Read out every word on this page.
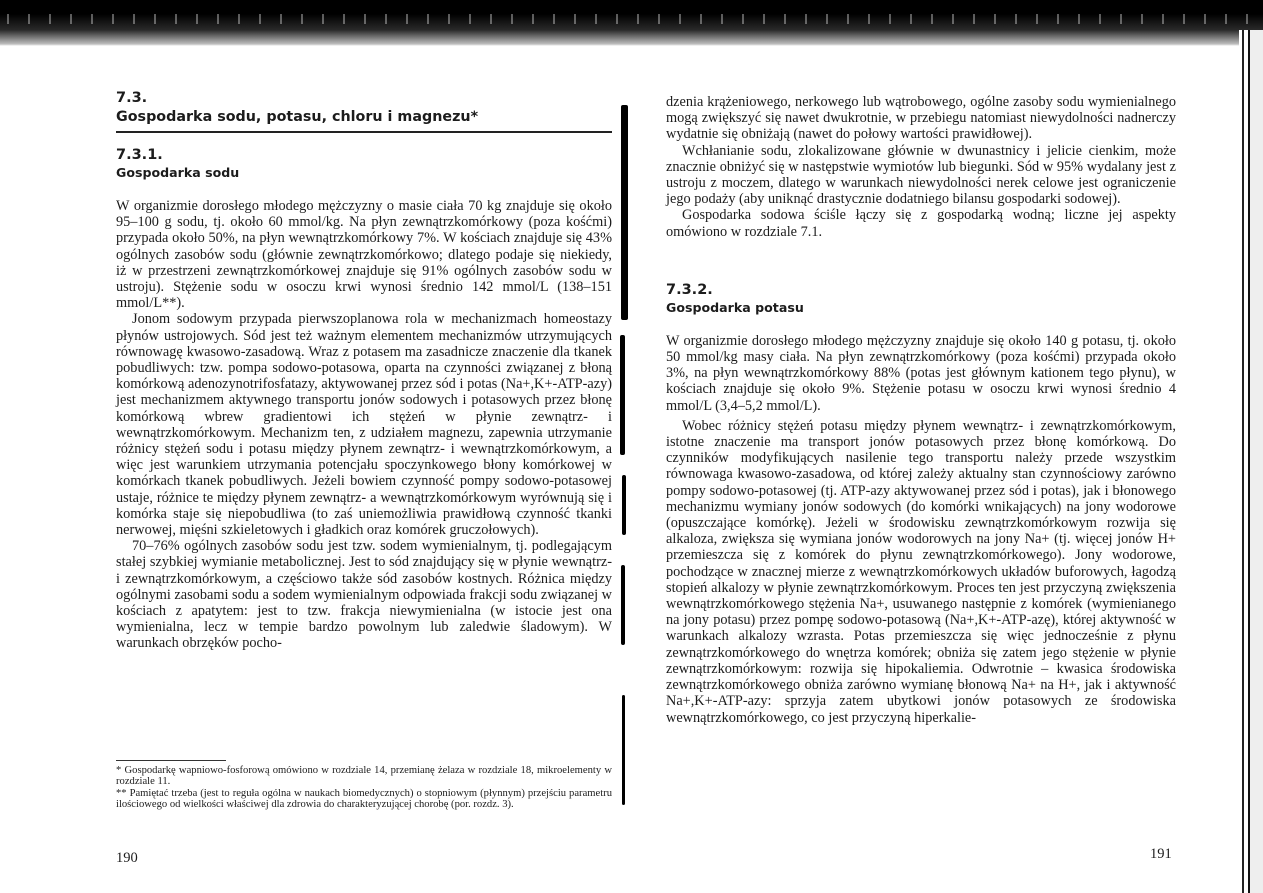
7.3.

Gospodarka sodu, potasu, chloru i magnezu*

7.3.1.

Gospodarka sodu

W organizmie dorosłego młodego mężczyzny o masie ciała 70 kg znajduje się około 95–100 g sodu, tj. około 60 mmol/kg. Na płyn zewnątrzkomórkowy (poza kośćmi) przypada około 50%, na płyn wewnątrzkomórkowy 7%. W kościach znajduje się 43% ogólnych zasobów sodu (głównie zewnątrzkomórkowo; dlatego podaje się niekiedy, iż w przestrzeni zewnątrzkomórkowej znajduje się 91% ogólnych zasobów sodu w ustroju). Stężenie sodu w osoczu krwi wynosi średnio 142 mmol/L (138–151 mmol/L**).

Jonom sodowym przypada pierwszoplanowa rola w mechanizmach homeostazy płynów ustrojowych. Sód jest też ważnym elementem mechanizmów utrzymujących równowagę kwasowo-zasadową. Wraz z potasem ma zasadnicze znaczenie dla tkanek pobudliwych: tzw. pompa sodowo-potasowa, oparta na czynności związanej z błoną komórkową adenozynotrifosfatazy, aktywowanej przez sód i potas (Na+,K+-ATP-azy) jest mechanizmem aktywnego transportu jonów sodowych i potasowych przez błonę komórkową wbrew gradientowi ich stężeń w płynie zewnątrz- i wewnątrzkomórkowym. Mechanizm ten, z udziałem magnezu, zapewnia utrzymanie różnicy stężeń sodu i potasu między płynem zewnątrz- i wewnątrzkomórkowym, a więc jest warunkiem utrzymania potencjału spoczynkowego błony komórkowej w komórkach tkanek pobudliwych. Jeżeli bowiem czynność pompy sodowo-potasowej ustaje, różnice te między płynem zewnątrz- a wewnątrzkomórkowym wyrównują się i komórka staje się niepobudliwa (to zaś uniemożliwia prawidłową czynność tkanki nerwowej, mięśni szkieletowych i gładkich oraz komórek gruczołowych).

70–76% ogólnych zasobów sodu jest tzw. sodem wymienialnym, tj. podlegającym stałej szybkiej wymianie metabolicznej. Jest to sód znajdujący się w płynie wewnątrz- i zewnątrzkomórkowym, a częściowo także sód zasobów kostnych. Różnica między ogólnymi zasobami sodu a sodem wymienialnym odpowiada frakcji sodu związanej w kościach z apatytem: jest to tzw. frakcja niewymienialna (w istocie jest ona wymienialna, lecz w tempie bardzo powolnym lub zaledwie śladowym). W warunkach obrzęków pocho-

* Gospodarkę wapniowo-fosforową omówiono w rozdziale 14, przemianę żelaza w rozdziale 18, mikroelementy w rozdziale 11.

** Pamiętać trzeba (jest to reguła ogólna w naukach biomedycznych) o stopniowym (płynnym) przejściu parametru ilościowego od wielkości właściwej dla zdrowia do charakteryzującej chorobę (por. rozdz. 3).

190

dzenia krążeniowego, nerkowego lub wątrobowego, ogólne zasoby sodu wymienialnego mogą zwiększyć się nawet dwukrotnie, w przebiegu natomiast niewydolności nadnerczy wydatnie się obniżają (nawet do połowy wartości prawidłowej).

Wchłanianie sodu, zlokalizowane głównie w dwunastnicy i jelicie cienkim, może znacznie obniżyć się w następstwie wymiotów lub biegunki. Sód w 95% wydalany jest z ustroju z moczem, dlatego w warunkach niewydolności nerek celowe jest ograniczenie jego podaży (aby uniknąć drastycznie dodatniego bilansu gospodarki sodowej).

Gospodarka sodowa ściśle łączy się z gospodarką wodną; liczne jej aspekty omówiono w rozdziale 7.1.

7.3.2.

Gospodarka potasu

W organizmie dorosłego młodego mężczyzny znajduje się około 140 g potasu, tj. około 50 mmol/kg masy ciała. Na płyn zewnątrzkomórkowy (poza kośćmi) przypada około 3%, na płyn wewnątrzkomórkowy 88% (potas jest głównym kationem tego płynu), w kościach znajduje się około 9%. Stężenie potasu w osoczu krwi wynosi średnio 4 mmol/L (3,4–5,2 mmol/L).

Wobec różnicy stężeń potasu między płynem wewnątrz- i zewnątrzkomórkowym, istotne znaczenie ma transport jonów potasowych przez błonę komórkową. Do czynników modyfikujących nasilenie tego transportu należy przede wszystkim równowaga kwasowo-zasadowa, od której zależy aktualny stan czynnościowy zarówno pompy sodowo-potasowej (tj. ATP-azy aktywowanej przez sód i potas), jak i błonowego mechanizmu wymiany jonów sodowych (do komórki wnikających) na jony wodorowe (opuszczające komórkę). Jeżeli w środowisku zewnątrzkomórkowym rozwija się alkaloza, zwiększa się wymiana jonów wodorowych na jony Na+ (tj. więcej jonów H+ przemieszcza się z komórek do płynu zewnątrzkomórkowego). Jony wodorowe, pochodzące w znacznej mierze z wewnątrzkomórkowych układów buforowych, łagodzą stopień alkalozy w płynie zewnątrzkomórkowym. Proces ten jest przyczyną zwiększenia wewnątrzkomórkowego stężenia Na+, usuwanego następnie z komórek (wymienianego na jony potasu) przez pompę sodowo-potasową (Na+,K+-ATP-azę), której aktywność w warunkach alkalozy wzrasta. Potas przemieszcza się więc jednocześnie z płynu zewnątrzkomórkowego do wnętrza komórek; obniża się zatem jego stężenie w płynie zewnątrzkomórkowym: rozwija się hipokaliemia. Odwrotnie – kwasica środowiska zewnątrzkomórkowego obniża zarówno wymianę błonową Na+ na H+, jak i aktywność Na+,K+-ATP-azy: sprzyja zatem ubytkowi jonów potasowych ze środowiska wewnątrzkomórkowego, co jest przyczyną hiperkalie-

191
